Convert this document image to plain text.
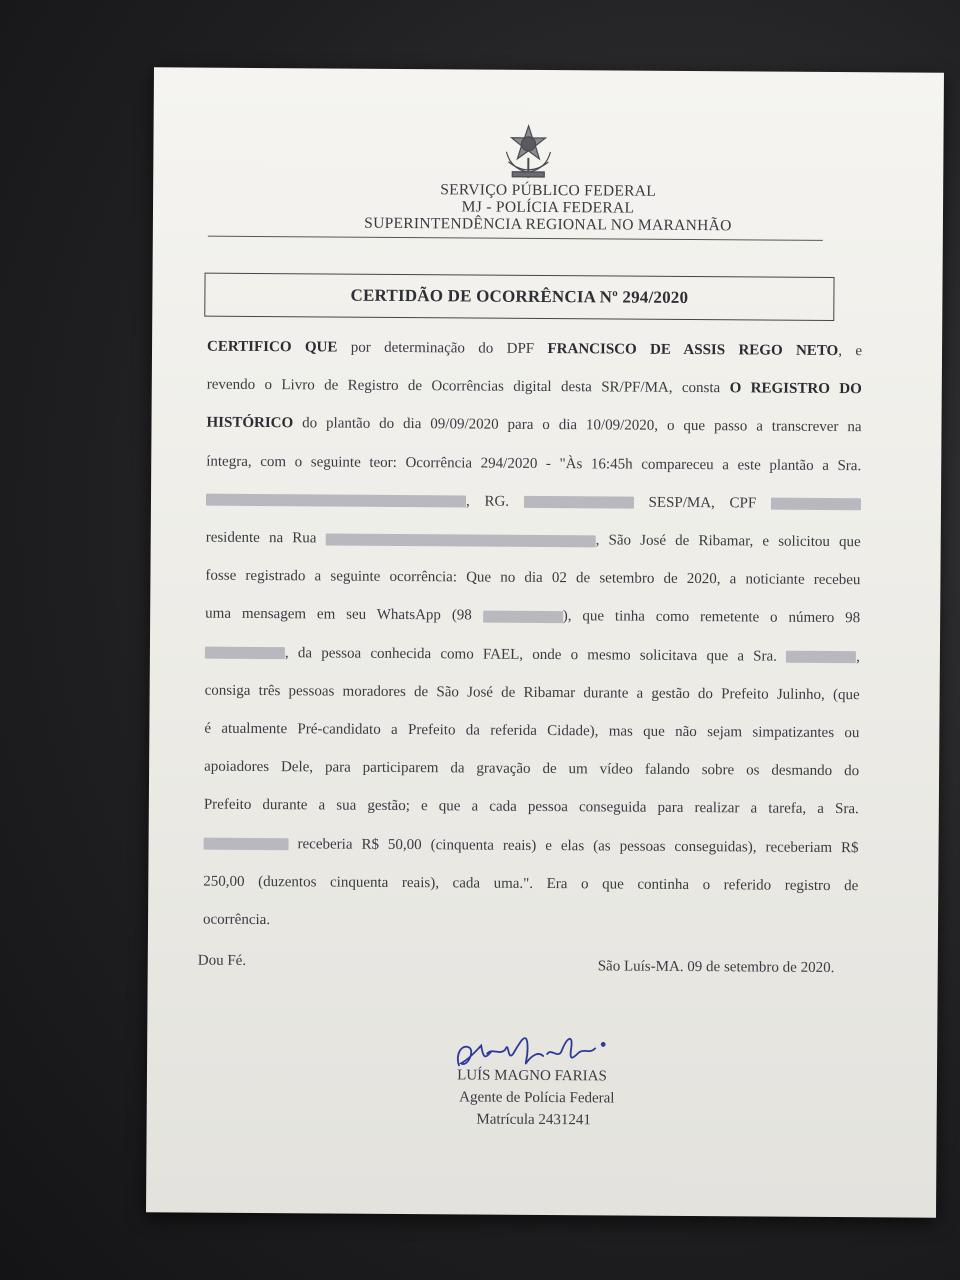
SERVIÇO PÚBLICO FEDERAL
MJ - POLÍCIA FEDERAL
SUPERINTENDÊNCIA REGIONAL NO MARANHÃO
CERTIDÃO DE OCORRÊNCIA Nº 294/2020
CERTIFICO QUE por determinação do DPF FRANCISCO DE ASSIS REGO NETO, e
revendo o Livro de Registro de Ocorrências digital desta SR/PF/MA, consta O REGISTRO DO
HISTÓRICO do plantão do dia 09/09/2020 para o dia 10/09/2020, o que passo a transcrever na
íntegra, com o seguinte teor: Ocorrência 294/2020 - "Às 16:45h compareceu a este plantão a Sra.
, RG.	SESP/MA, CPF
residente na Rua	, São José de Ribamar, e solicitou que
fosse registrado a seguinte ocorrência: Que no dia 02 de setembro de 2020, a noticiante recebeu
uma mensagem em seu WhatsApp (98	), que tinha como remetente o número 98
, da pessoa conhecida como FAEL, onde o mesmo solicitava que a Sra.	,
consiga três pessoas moradores de São José de Ribamar durante a gestão do Prefeito Julinho, (que
é atualmente Pré-candidato a Prefeito da referida Cidade), mas que não sejam simpatizantes ou
apoiadores Dele, para participarem da gravação de um vídeo falando sobre os desmando do
Prefeito durante a sua gestão; e que a cada pessoa conseguida para realizar a tarefa, a Sra.
receberia R$ 50,00 (cinquenta reais) e elas (as pessoas conseguidas), receberiam R$
250,00 (duzentos cinquenta reais), cada uma.". Era o que continha o referido registro de
ocorrência.
Dou Fé.	São Luís-MA. 09 de setembro de 2020.
LUÍS MAGNO FARIAS
Agente de Polícia Federal
Matrícula 2431241
